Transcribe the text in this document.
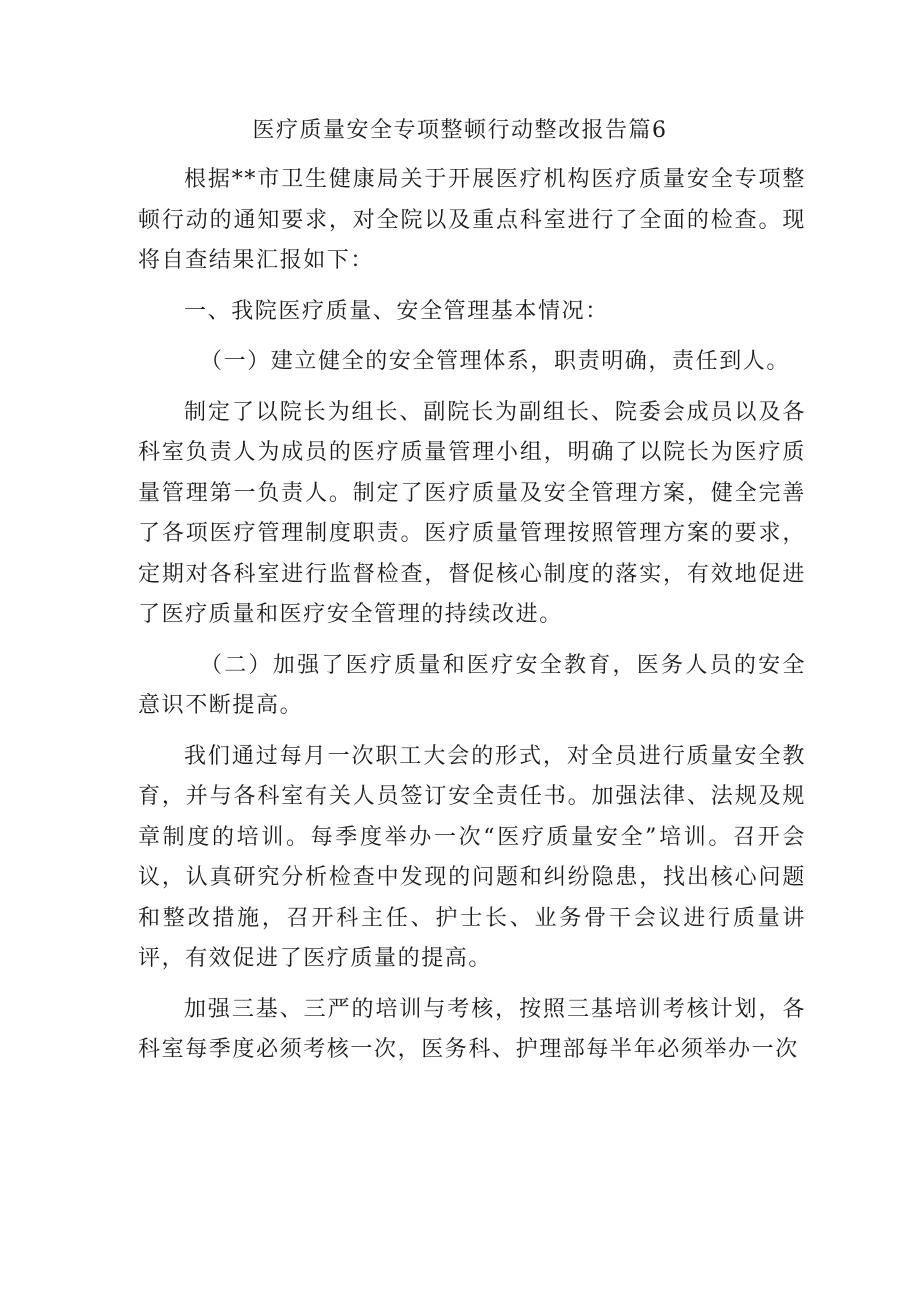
医疗质量安全专项整顿行动整改报告篇6

根据**市卫生健康局关于开展医疗机构医疗质量安全专项整顿行动的通知要求，对全院以及重点科室进行了全面的检查。现将自查结果汇报如下：

一、我院医疗质量、安全管理基本情况：

（一）建立健全的安全管理体系，职责明确，责任到人。

制定了以院长为组长、副院长为副组长、院委会成员以及各科室负责人为成员的医疗质量管理小组，明确了以院长为医疗质量管理第一负责人。制定了医疗质量及安全管理方案，健全完善了各项医疗管理制度职责。医疗质量管理按照管理方案的要求，定期对各科室进行监督检查，督促核心制度的落实，有效地促进了医疗质量和医疗安全管理的持续改进。

（二）加强了医疗质量和医疗安全教育，医务人员的安全意识不断提高。

我们通过每月一次职工大会的形式，对全员进行质量安全教育，并与各科室有关人员签订安全责任书。加强法律、法规及规章制度的培训。每季度举办一次“医疗质量安全”培训。召开会议，认真研究分析检查中发现的问题和纠纷隐患，找出核心问题和整改措施，召开科主任、护士长、业务骨干会议进行质量讲评，有效促进了医疗质量的提高。

加强三基、三严的培训与考核，按照三基培训考核计划，各科室每季度必须考核一次，医务科、护理部每半年必须举办一次
